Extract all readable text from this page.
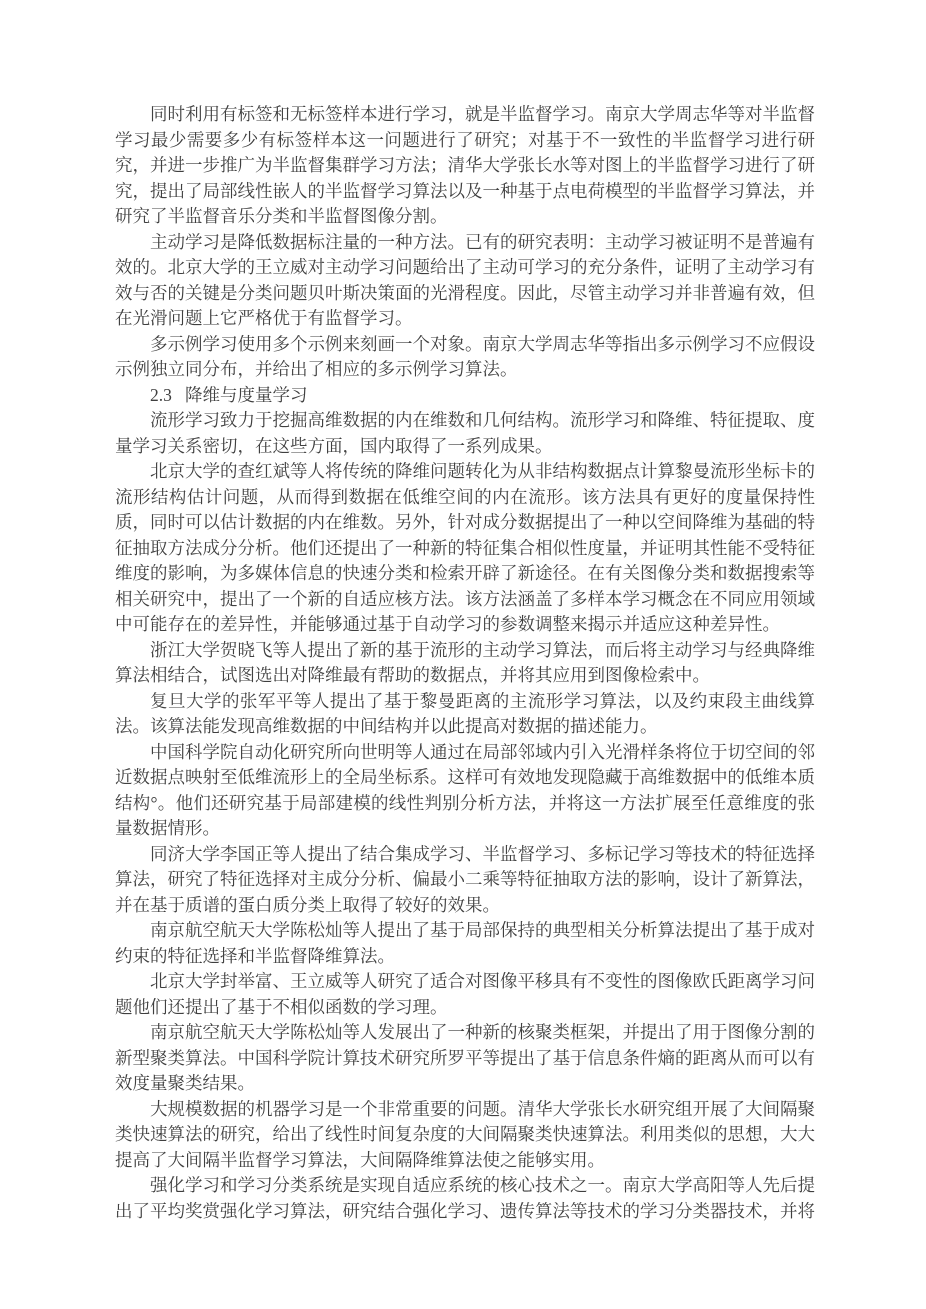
同时利用有标签和无标签样本进行学习，就是半监督学习。南京大学周志华等对半监督学习最少需要多少有标签样本这一问题进行了研究；对基于不一致性的半监督学习进行研究，并进一步推广为半监督集群学习方法；清华大学张长水等对图上的半监督学习进行了研究，提出了局部线性嵌人的半监督学习算法以及一种基于点电荷模型的半监督学习算法，并研究了半监督音乐分类和半监督图像分割。

主动学习是降低数据标注量的一种方法。已有的研究表明：主动学习被证明不是普遍有效的。北京大学的王立威对主动学习问题给出了主动可学习的充分条件，证明了主动学习有效与否的关键是分类问题贝叶斯决策面的光滑程度。因此，尽管主动学习并非普遍有效，但在光滑问题上它严格优于有监督学习。

多示例学习使用多个示例来刻画一个对象。南京大学周志华等指出多示例学习不应假设示例独立同分布，并给出了相应的多示例学习算法。

2.3 降维与度量学习

流形学习致力于挖掘高维数据的内在维数和几何结构。流形学习和降维、特征提取、度量学习关系密切，在这些方面，国内取得了一系列成果。

北京大学的查红斌等人将传统的降维问题转化为从非结构数据点计算黎曼流形坐标卡的流形结构估计问题，从而得到数据在低维空间的内在流形。该方法具有更好的度量保持性质，同时可以估计数据的内在维数。另外，针对成分数据提出了一种以空间降维为基础的特征抽取方法成分分析。他们还提出了一种新的特征集合相似性度量，并证明其性能不受特征维度的影响，为多媒体信息的快速分类和检索开辟了新途径。在有关图像分类和数据搜索等相关研究中，提出了一个新的自适应核方法。该方法涵盖了多样本学习概念在不同应用领域中可能存在的差异性，并能够通过基于自动学习的参数调整来揭示并适应这种差异性。

浙江大学贺晓飞等人提出了新的基于流形的主动学习算法，而后将主动学习与经典降维算法相结合，试图选出对降维最有帮助的数据点，并将其应用到图像检索中。

复旦大学的张军平等人提出了基于黎曼距离的主流形学习算法，以及约束段主曲线算法。该算法能发现高维数据的中间结构并以此提高对数据的描述能力。

中国科学院自动化研究所向世明等人通过在局部邻域内引入光滑样条将位于切空间的邻近数据点映射至低维流形上的全局坐标系。这样可有效地发现隐藏于高维数据中的低维本质结构°。他们还研究基于局部建模的线性判别分析方法，并将这一方法扩展至任意维度的张量数据情形。

同济大学李国正等人提出了结合集成学习、半监督学习、多标记学习等技术的特征选择算法，研究了特征选择对主成分分析、偏最小二乘等特征抽取方法的影响，设计了新算法，并在基于质谱的蛋白质分类上取得了较好的效果。

南京航空航天大学陈松灿等人提出了基于局部保持的典型相关分析算法提出了基于成对约束的特征选择和半监督降维算法。

北京大学封举富、王立威等人研究了适合对图像平移具有不变性的图像欧氏距离学习问题他们还提出了基于不相似函数的学习理。

南京航空航天大学陈松灿等人发展出了一种新的核聚类框架，并提出了用于图像分割的新型聚类算法。中国科学院计算技术研究所罗平等提出了基于信息条件熵的距离从而可以有效度量聚类结果。

大规模数据的机器学习是一个非常重要的问题。清华大学张长水研究组开展了大间隔聚类快速算法的研究，给出了线性时间复杂度的大间隔聚类快速算法。利用类似的思想，大大提高了大间隔半监督学习算法，大间隔降维算法使之能够实用。

强化学习和学习分类系统是实现自适应系统的核心技术之一。南京大学高阳等人先后提出了平均奖赏强化学习算法，研究结合强化学习、遗传算法等技术的学习分类器技术，并将
